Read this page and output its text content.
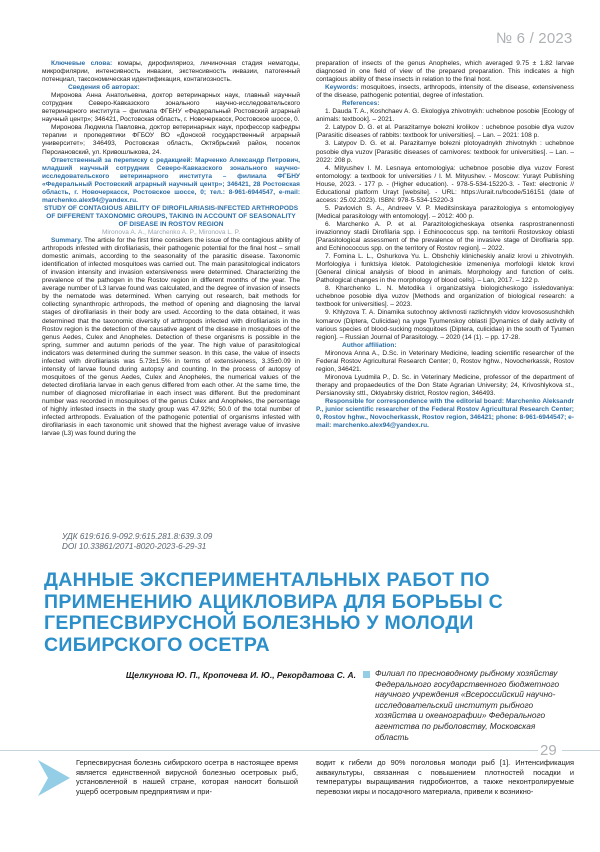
№ 6 / 2023

Ключевые слова: комары, дирофиляриоз, личиночная стадия нематоды, микрофилярии, интенсивность инвазии, экстенсивность инвазии, патогенный потенциал, таксономическая идентификация, контагиозность.

Сведения об авторах:

Миронова Анна Анатольевна, доктор ветеринарных наук, главный научный сотрудник Северо-Кавказского зонального научно-исследовательского ветеринарного института – филиала ФГБНУ «Федеральный Ростовский аграрный научный центр»; 346421, Ростовская область, г. Новочеркасск, Ростовское шоссе, 0.

Миронова Людмила Павловна, доктор ветеринарных наук, профессор кафедры терапии и пропедевтики ФГБОУ ВО «Донской государственный аграрный университет»; 346493, Ростовская область, Октябрьский район, поселок Персиановский, ул. Кривошлыкова, 24.

Ответственный за переписку с редакцией: Марченко Александр Петрович, младший научный сотрудник Северо-Кавказского зонального научно-исследовательского ветеринарного института – филиала ФГБНУ «Федеральный Ростовский аграрный научный центр»; 346421, 28 Ростовская область, г. Новочеркасск, Ростовское шоссе, 0; тел.: 8-961-6944547, e-mail: marchenko.alex94@yandex.ru.

STUDY OF CONTAGIOUS ABILITY OF DIROFILARIASIS-INFECTED ARTHROPODS OF DIFFERENT TAXONOMIC GROUPS, TAKING IN ACCOUNT OF SEASONALITY OF DISEASE IN ROSTOV REGION

Mironova A. A., Marchenko A. P., Mironova L. P.

Summary. The article for the first time considers the issue of the contagious ability of arthropods infested with dirofilariasis, their pathogenic potential for the final host – small domestic animals, according to the seasonality of the parasitic disease. Taxonomic identification of infected mosquitoes was carried out. The main parasitological indicators of invasion intensity and invasion extensiveness were determined. Characterizing the prevalence of the pathogen in the Rostov region in different months of the year. The average number of L3 larvae found was calculated, and the degree of invasion of insects by the nematode was determined. When carrying out research, bait methods for collecting synanthropic arthropods, the method of opening and diagnosing the larval stages of dirofilariasis in their body are used. According to the data obtained, it was determined that the taxonomic diversity of arthropods infected with dirofilariasis in the Rostov region is the detection of the causative agent of the disease in mosquitoes of the genus Aedes, Culex and Anopheles. Detection of these organisms is possible in the spring, summer and autumn periods of the year. The high value of parasitological indicators was determined during the summer season. In this case, the value of insects infected with dirofilariasis was 5.73±1.5% in terms of extensiveness, 3.35±0.09 in intensity of larvae found during autopsy and counting. In the process of autopsy of mosquitoes of the genus Aedes, Culex and Anopheles, the numerical values of the detected dirofilaria larvae in each genus differed from each other. At the same time, the number of diagnosed microfilariae in each insect was different. But the predominant number was recorded in mosquitoes of the genus Culex and Anopheles, the percentage of highly infested insects in the study group was 47.92%; 50.0 of the total number of infected arthropods. Evaluation of the pathogenic potential of organisms infested with dirofilariasis in each taxonomic unit showed that the highest average value of invasive larvae (L3) was found during the

preparation of insects of the genus Anopheles, which averaged 9.75 ± 1.82 larvae diagnosed in one field of view of the prepared preparation. This indicates a high contagious ability of these insects in relation to the final host.

Keywords: mosquitoes, insects, arthropods, intensity of the disease, extensiveness of the disease, pathogenic potential, degree of infestation.

References:

1. Dauda T. A., Koshchaev A. G. Ekologiya zhivotnykh: uchebnoe posobie [Ecology of animals: textbook]. – 2021.

2. Latypov D. G. et al. Parazitarnye bolezni krolikov : uchebnoe posobie dlya vuzov [Parasitic diseases of rabbits: textbook for universities]. – Lan. – 2021: 108 p.

3. Latypov D. G. et al. Parazitarnye bolezni plotoyadnykh zhivotnykh : uchebnoe posobie dlya vuzov [Parasitic diseases of carnivores: textbook for universities]. – Lan. – 2022: 208 p.

4. Mityushev I. M. Lesnaya entomologiya: uchebnoe posobie dlya vuzov Forest entomology: a textbook for universities / I. M. Mityushev. - Moscow: Yurayt Publishing House, 2023. - 177 p. - (Higher education). - 978-5-534-15220-3. - Text: electronic // Educational platform Urayt [website]. - URL: https://urait.ru/bcode/516151 (date of access: 25.02.2023). ISBN: 978-5-534-15220-3

5. Pavlovich S. A., Andreev V. P. Meditsinskaya parazitologiya s entomologiyey [Medical parasitology with entomology]. – 2012: 400 p.

6. Marchenko A. P. et al. Parazitologicheskaya otsenka rasprostranennosti invazionnoy stadii Dirofilaria spp. i Echinococcus spp. na territorii Rostovskoy oblasti [Parasitological assessment of the prevalence of the invasive stage of Dirofilaria spp. and Echinococcus spp. on the territory of Rostov region]. – 2022.

7. Fomina L. L., Oshurkova Yu. L. Obshchiy klinicheskiy analiz krovi u zhivotnykh. Morfologiya i funktsiya kletok. Patologicheskie izmeneniya morfologii kletok krovi [General clinical analysis of blood in animals. Morphology and function of cells. Pathological changes in the morphology of blood cells]. – Lan, 2017. – 122 p.

8. Kharchenko L. N. Metodika i organizatsiya biologicheskogo issledovaniya: uchebnoe posobie dlya vuzov [Methods and organization of biological research: a textbook for universities]. – 2023.

9. Khlyzova T. A. Dinamika sutochnoy aktivnosti razlichnykh vidov krovososushchikh komarov (Diptera, Culicidae) na yuge Tyumenskoy oblasti [Dynamics of daily activity of various species of blood-sucking mosquitoes (Diptera, culicidae) in the south of Tyumen region]. – Russian Journal of Parasitology. – 2020 (14 (1). – pp. 17-28.

Author affiliation:

Mironova Anna A., D.Sc. in Veterinary Medicine, leading scientific researcher of the Federal Rostov Agricultural Research Center; 0, Rostov hghw., Novocherkassk, Rostov region, 346421.

Mironova Lyudmila P., D. Sc. in Veterinary Medicine, professor of the department of therapy and propaedeutics of the Don State Agrarian University; 24, Krivoshlykova st., Persianovsky sttl., Oktyabrsky district, Rostov region, 346493.

Responsible for correspondence with the editorial board: Marchenko Aleksandr P., junior scientific researcher of the Federal Rostov Agricultural Research Center; 0, Rostov hghw., Novocherkassk, Rostov region, 346421; phone: 8-961-6944547; e-mail: marchenko.alex94@yandex.ru.

УДК 619:616.9-092.9:615.281.8:639.3.09
DOI 10.33861/2071-8020-2023-6-29-31
ДАННЫЕ ЭКСПЕРИМЕНТАЛЬНЫХ РАБОТ ПО ПРИМЕНЕНИЮ АЦИКЛОВИРА ДЛЯ БОРЬБЫ С ГЕРПЕСВИРУСНОЙ БОЛЕЗНЬЮ У МОЛОДИ СИБИРСКОГО ОСЕТРА
Щелкунова Ю. П., Кропочева И. Ю., Рекордатова С. А. Филиал по пресноводному рыбному хозяйству Федерального государственного бюджетного научного учреждения «Всероссийский научно-исследовательский институт рыбного хозяйства и океанографии» Федерального агентства по рыболовству, Московская область
29
Герпесвирусная болезнь сибирского осетра в настоящее время является единственной вирусной болезнью осетровых рыб, установленной в нашей стране, которая наносит большой ущерб осетровым предприятиям и при-
водит к гибели до 90% поголовья молоди рыб [1]. Интенсификация аквакультуры, связанная с повышением плотностей посадки и температуры выращивания гидробионтов, а также неконтролируемые перевозки икры и посадочного материала, привели к возникно-
